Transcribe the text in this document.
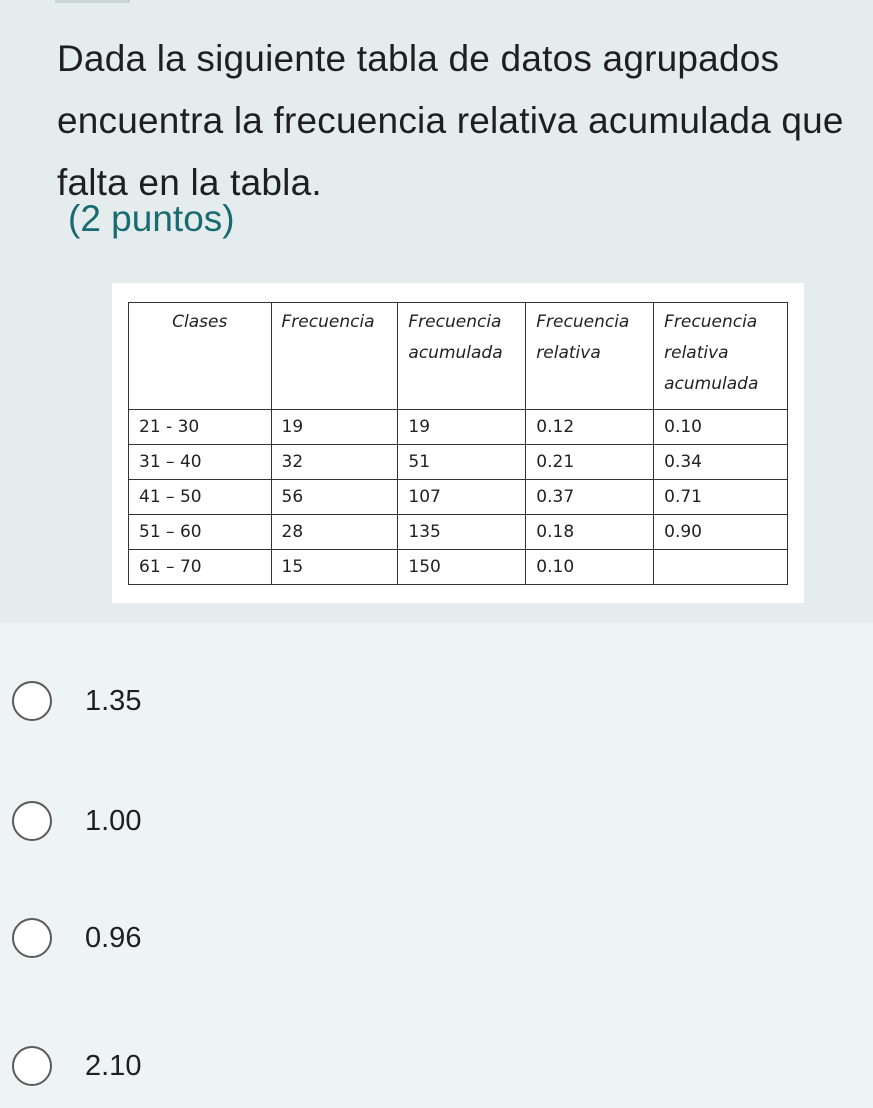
Dada la siguiente tabla de datos agrupados encuentra la frecuencia relativa acumulada que falta en la tabla.

(2 puntos)

Clases	Frecuencia	Frecuencia acumulada	Frecuencia relativa	Frecuencia relativa acumulada
21 - 30	19	19	0.12	0.10
31 – 40	32	51	0.21	0.34
41 – 50	56	107	0.37	0.71
51 – 60	28	135	0.18	0.90
61 – 70	15	150	0.10	
1.35
1.00
0.96
2.10
